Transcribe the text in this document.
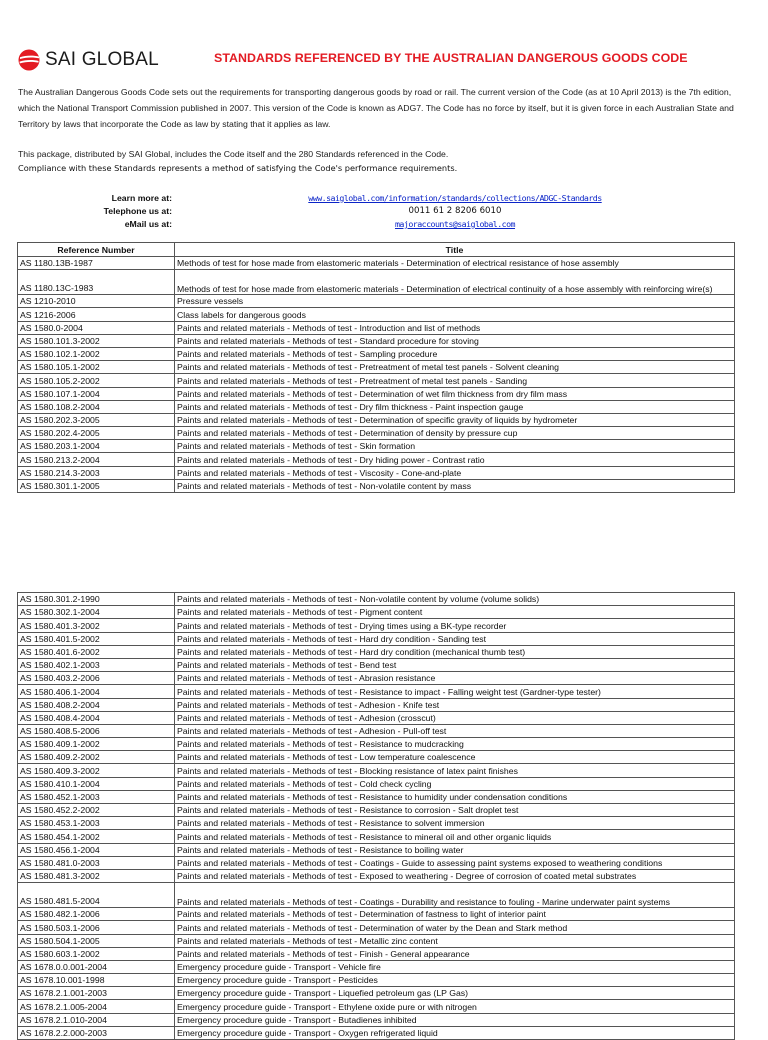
SAI GLOBAL	STANDARDS REFERENCED BY THE AUSTRALIAN DANGEROUS GOODS CODE

The Australian Dangerous Goods Code sets out the requirements for transporting dangerous goods by road or rail. The current version of the Code (as at 10 April 2013) is the 7th edition, which the National Transport Commission published in 2007. This version of the Code is known as ADG7. The Code has no force by itself, but it is given force in each Australian State and Territory by laws that incorporate the Code as law by stating that it applies as law.

This package, distributed by SAI Global, includes the Code itself and the 280 Standards referenced in the Code.

Compliance with these Standards represents a method of satisfying the Code's performance requirements.

Learn more at:	www.saiglobal.com/information/standards/collections/ADGC-Standards
Telephone us at:	0011 61 2 8206 6010
eMail us at:	majoraccounts@saiglobal.com
Reference Number	Title
AS 1180.13B-1987	Methods of test for hose made from elastomeric materials - Determination of electrical resistance of hose assembly
AS 1180.13C-1983	Methods of test for hose made from elastomeric materials - Determination of electrical continuity of a hose assembly with reinforcing wire(s)
AS 1210-2010	Pressure vessels
AS 1216-2006	Class labels for dangerous goods
AS 1580.0-2004	Paints and related materials - Methods of test - Introduction and list of methods
AS 1580.101.3-2002	Paints and related materials - Methods of test - Standard procedure for stoving
AS 1580.102.1-2002	Paints and related materials - Methods of test - Sampling procedure
AS 1580.105.1-2002	Paints and related materials - Methods of test - Pretreatment of metal test panels - Solvent cleaning
AS 1580.105.2-2002	Paints and related materials - Methods of test - Pretreatment of metal test panels - Sanding
AS 1580.107.1-2004	Paints and related materials - Methods of test - Determination of wet film thickness from dry film mass
AS 1580.108.2-2004	Paints and related materials - Methods of test - Dry film thickness - Paint inspection gauge
AS 1580.202.3-2005	Paints and related materials - Methods of test - Determination of specific gravity of liquids by hydrometer
AS 1580.202.4-2005	Paints and related materials - Methods of test - Determination of density by pressure cup
AS 1580.203.1-2004	Paints and related materials - Methods of test - Skin formation
AS 1580.213.2-2004	Paints and related materials - Methods of test - Dry hiding power - Contrast ratio
AS 1580.214.3-2003	Paints and related materials - Methods of test - Viscosity - Cone-and-plate
AS 1580.301.1-2005	Paints and related materials - Methods of test - Non-volatile content by mass
AS 1580.301.2-1990	Paints and related materials - Methods of test - Non-volatile content by volume (volume solids)
AS 1580.302.1-2004	Paints and related materials - Methods of test - Pigment content
AS 1580.401.3-2002	Paints and related materials - Methods of test - Drying times using a BK-type recorder
AS 1580.401.5-2002	Paints and related materials - Methods of test - Hard dry condition - Sanding test
AS 1580.401.6-2002	Paints and related materials - Methods of test - Hard dry condition (mechanical thumb test)
AS 1580.402.1-2003	Paints and related materials - Methods of test - Bend test
AS 1580.403.2-2006	Paints and related materials - Methods of test - Abrasion resistance
AS 1580.406.1-2004	Paints and related materials - Methods of test - Resistance to impact - Falling weight test (Gardner-type tester)
AS 1580.408.2-2004	Paints and related materials - Methods of test - Adhesion - Knife test
AS 1580.408.4-2004	Paints and related materials - Methods of test - Adhesion (crosscut)
AS 1580.408.5-2006	Paints and related materials - Methods of test - Adhesion - Pull-off test
AS 1580.409.1-2002	Paints and related materials - Methods of test - Resistance to mudcracking
AS 1580.409.2-2002	Paints and related materials - Methods of test - Low temperature coalescence
AS 1580.409.3-2002	Paints and related materials - Methods of test - Blocking resistance of latex paint finishes
AS 1580.410.1-2004	Paints and related materials - Methods of test - Cold check cycling
AS 1580.452.1-2003	Paints and related materials - Methods of test - Resistance to humidity under condensation conditions
AS 1580.452.2-2002	Paints and related materials - Methods of test - Resistance to corrosion - Salt droplet test
AS 1580.453.1-2003	Paints and related materials - Methods of test - Resistance to solvent immersion
AS 1580.454.1-2002	Paints and related materials - Methods of test - Resistance to mineral oil and other organic liquids
AS 1580.456.1-2004	Paints and related materials - Methods of test - Resistance to boiling water
AS 1580.481.0-2003	Paints and related materials - Methods of test - Coatings - Guide to assessing paint systems exposed to weathering conditions
AS 1580.481.3-2002	Paints and related materials - Methods of test - Exposed to weathering - Degree of corrosion of coated metal substrates
AS 1580.481.5-2004	Paints and related materials - Methods of test - Coatings - Durability and resistance to fouling - Marine underwater paint systems
AS 1580.482.1-2006	Paints and related materials - Methods of test - Determination of fastness to light of interior paint
AS 1580.503.1-2006	Paints and related materials - Methods of test - Determination of water by the Dean and Stark method
AS 1580.504.1-2005	Paints and related materials - Methods of test - Metallic zinc content
AS 1580.603.1-2002	Paints and related materials - Methods of test - Finish - General appearance
AS 1678.0.0.001-2004	Emergency procedure guide - Transport - Vehicle fire
AS 1678.10.001-1998	Emergency procedure guide - Transport - Pesticides
AS 1678.2.1.001-2003	Emergency procedure guide - Transport - Liquefied petroleum gas (LP Gas)
AS 1678.2.1.005-2004	Emergency procedure guide - Transport - Ethylene oxide pure or with nitrogen
AS 1678.2.1.010-2004	Emergency procedure guide - Transport - Butadienes inhibited
AS 1678.2.2.000-2003	Emergency procedure guide - Transport - Oxygen refrigerated liquid
